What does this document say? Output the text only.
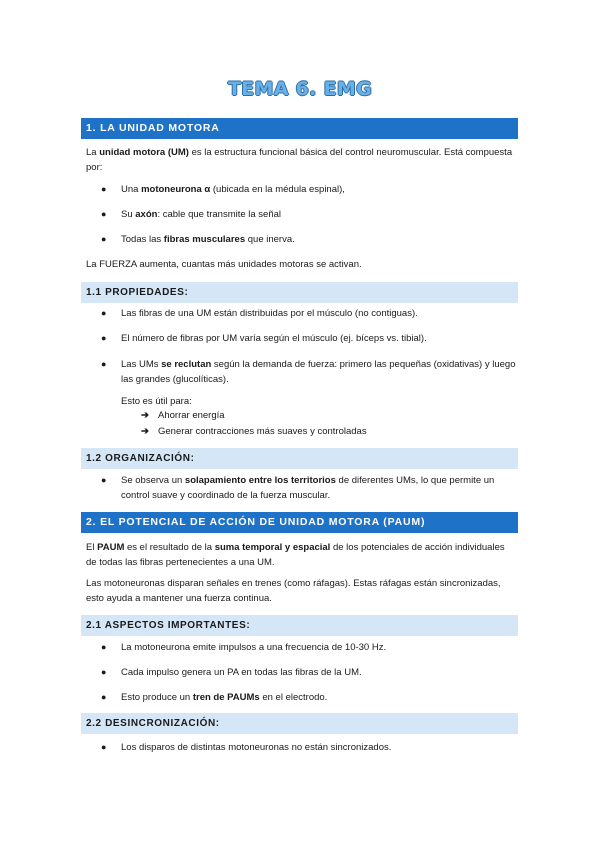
TEMA 6. EMG
1. LA UNIDAD MOTORA
La unidad motora (UM) es la estructura funcional básica del control neuromuscular. Está compuesta por:
●	Una motoneurona α (ubicada en la médula espinal),
●	Su axón: cable que transmite la señal
●	Todas las fibras musculares que inerva.
La FUERZA aumenta, cuantas más unidades motoras se activan.
1.1 PROPIEDADES:
●	Las fibras de una UM están distribuidas por el músculo (no contiguas).
●	El número de fibras por UM varía según el músculo (ej. bíceps vs. tibial).
●	Las UMs se reclutan según la demanda de fuerza: primero las pequeñas (oxidativas) y luego las grandes (glucolíticas).
Esto es útil para:
➔ Ahorrar energía
➔ Generar contracciones más suaves y controladas
1.2 ORGANIZACIÓN:
●	Se observa un solapamiento entre los territorios de diferentes UMs, lo que permite un control suave y coordinado de la fuerza muscular.
2. EL POTENCIAL DE ACCIÓN DE UNIDAD MOTORA (PAUM)
El PAUM es el resultado de la suma temporal y espacial de los potenciales de acción individuales de todas las fibras pertenecientes a una UM.
Las motoneuronas disparan señales en trenes (como ráfagas). Estas ráfagas están sincronizadas, esto ayuda a mantener una fuerza continua.
2.1 ASPECTOS IMPORTANTES:
●	La motoneurona emite impulsos a una frecuencia de 10-30 Hz.
●	Cada impulso genera un PA en todas las fibras de la UM.
●	Esto produce un tren de PAUMs en el electrodo.
2.2 DESINCRONIZACIÓN:
●	Los disparos de distintas motoneuronas no están sincronizados.
